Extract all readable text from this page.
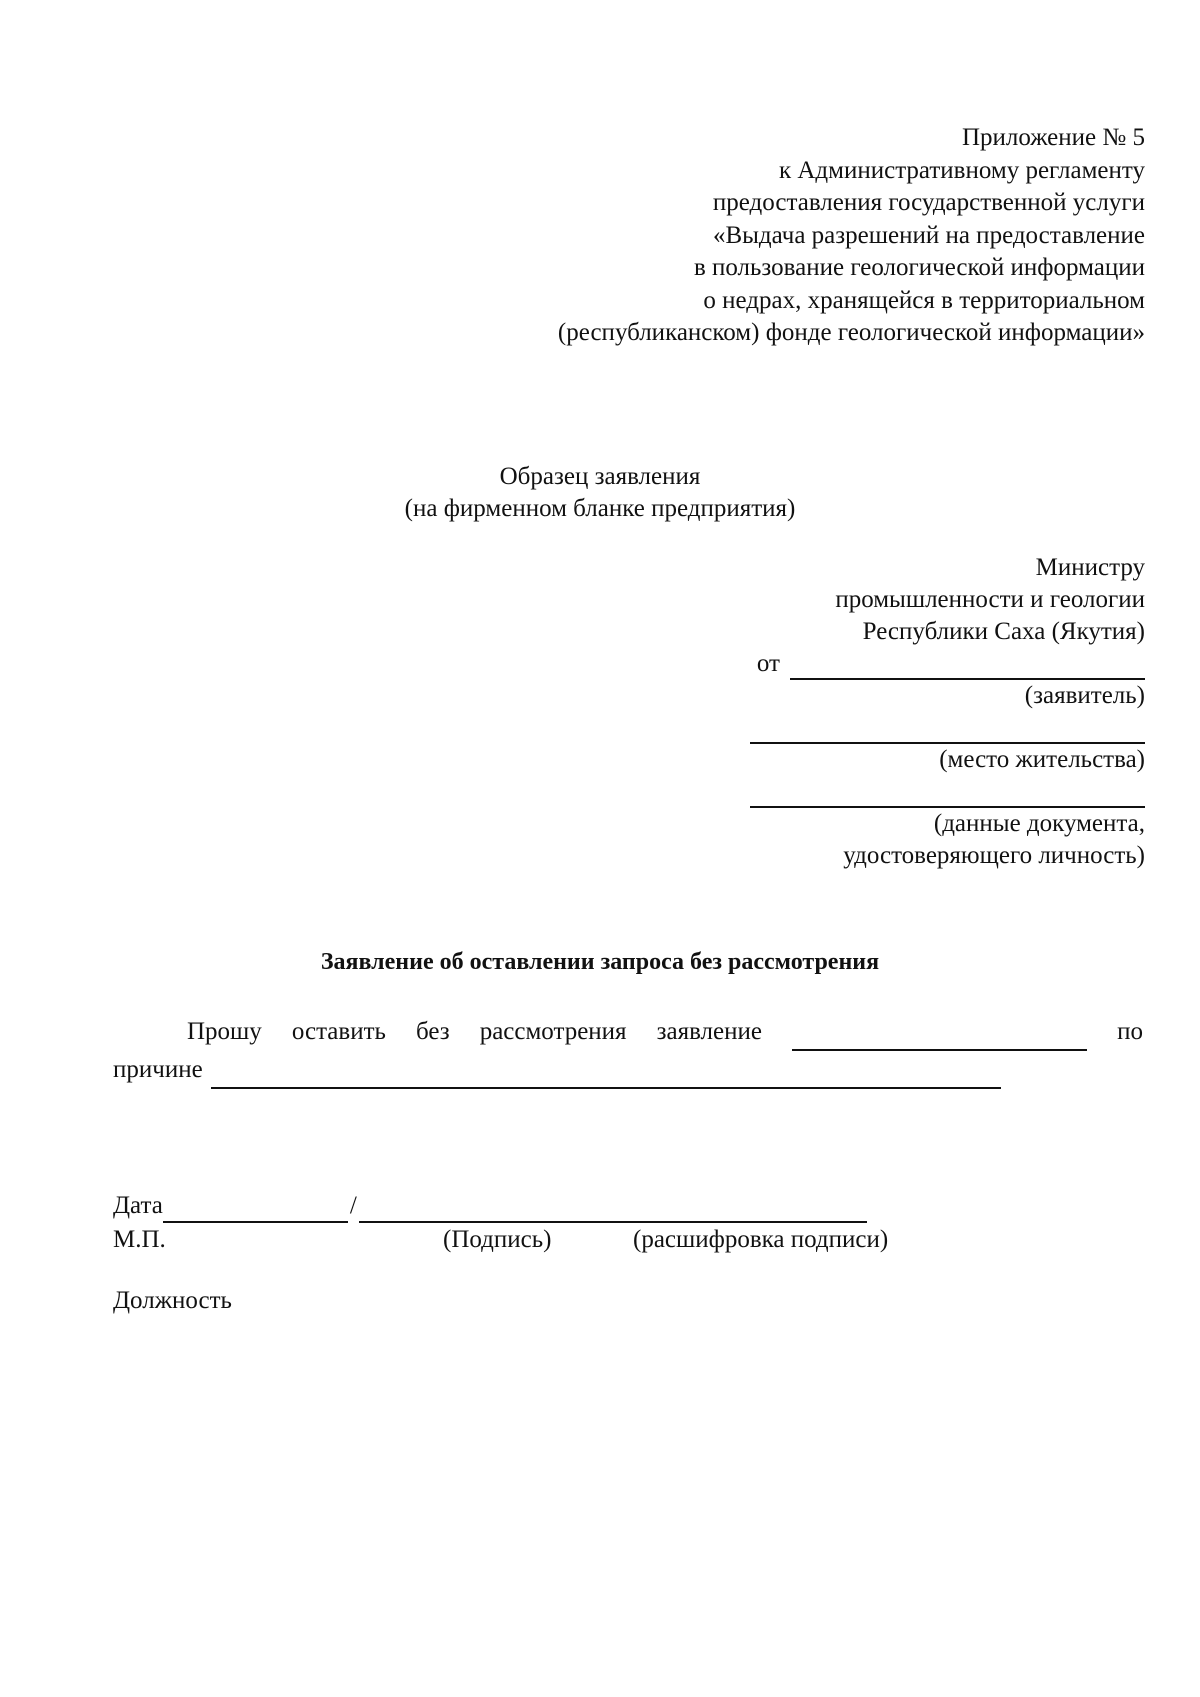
Приложение № 5
к Административному регламенту
предоставления государственной услуги
«Выдача разрешений на предоставление
в пользование геологической информации
о недрах, хранящейся в территориальном
(республиканском) фонде геологической информации»
Образец заявления
(на фирменном бланке предприятия)
Министру
промышленности и геологии
Республики Саха (Якутия)
от
(заявитель)
(место жительства)
(данные документа,
удостоверяющего личность)
Заявление об оставлении запроса без рассмотрения
Прошу оставить без рассмотрения заявление	по
причине
Дата	/
М.П.	(Подпись)	(расшифровка подписи)
Должность
